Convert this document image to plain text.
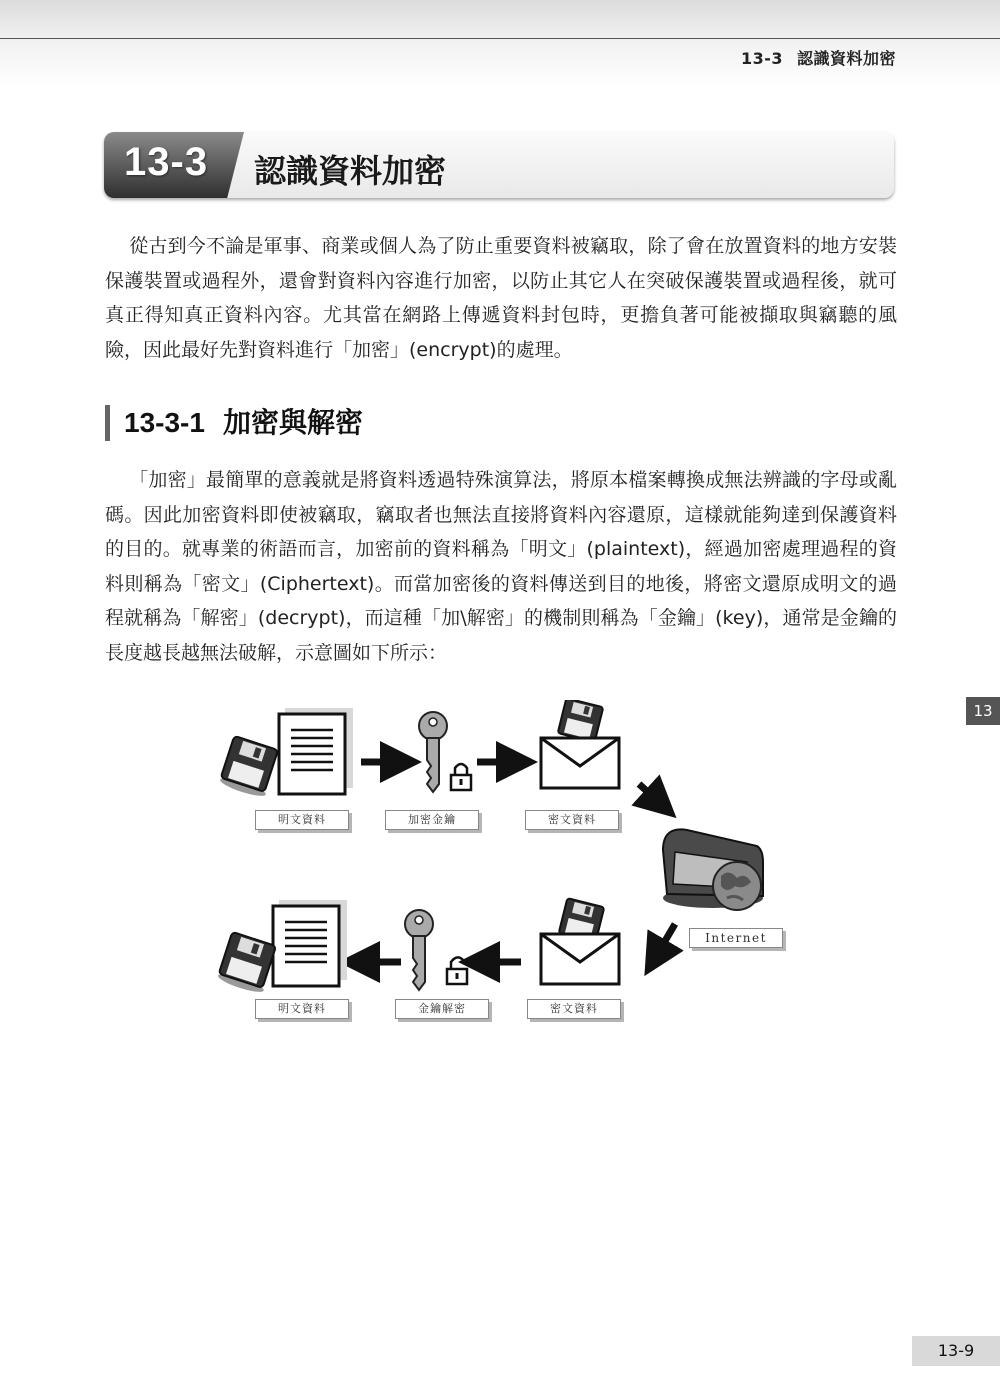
13-3 認識資料加密
13-3 認識資料加密

從古到今不論是軍事、商業或個人為了防止重要資料被竊取，除了會在放置資料的地方安裝保護裝置或過程外，還會對資料內容進行加密，以防止其它人在突破保護裝置或過程後，就可真正得知真正資料內容。尤其當在網路上傳遞資料封包時，更擔負著可能被擷取與竊聽的風險，因此最好先對資料進行「加密」(encrypt)的處理。

13-3-1 加密與解密

「加密」最簡單的意義就是將資料透過特殊演算法，將原本檔案轉換成無法辨識的字母或亂碼。因此加密資料即使被竊取，竊取者也無法直接將資料內容還原，這樣就能夠達到保護資料的目的。就專業的術語而言，加密前的資料稱為「明文」(plaintext)，經過加密處理過程的資料則稱為「密文」(Ciphertext)。而當加密後的資料傳送到目的地後，將密文還原成明文的過程就稱為「解密」(decrypt)，而這種「加\解密」的機制則稱為「金鑰」(key)，通常是金鑰的長度越長越無法破解，示意圖如下所示：

13
明文資料	加密金鑰	密文資料
Internet
明文資料	金鑰解密	密文資料
13-9
